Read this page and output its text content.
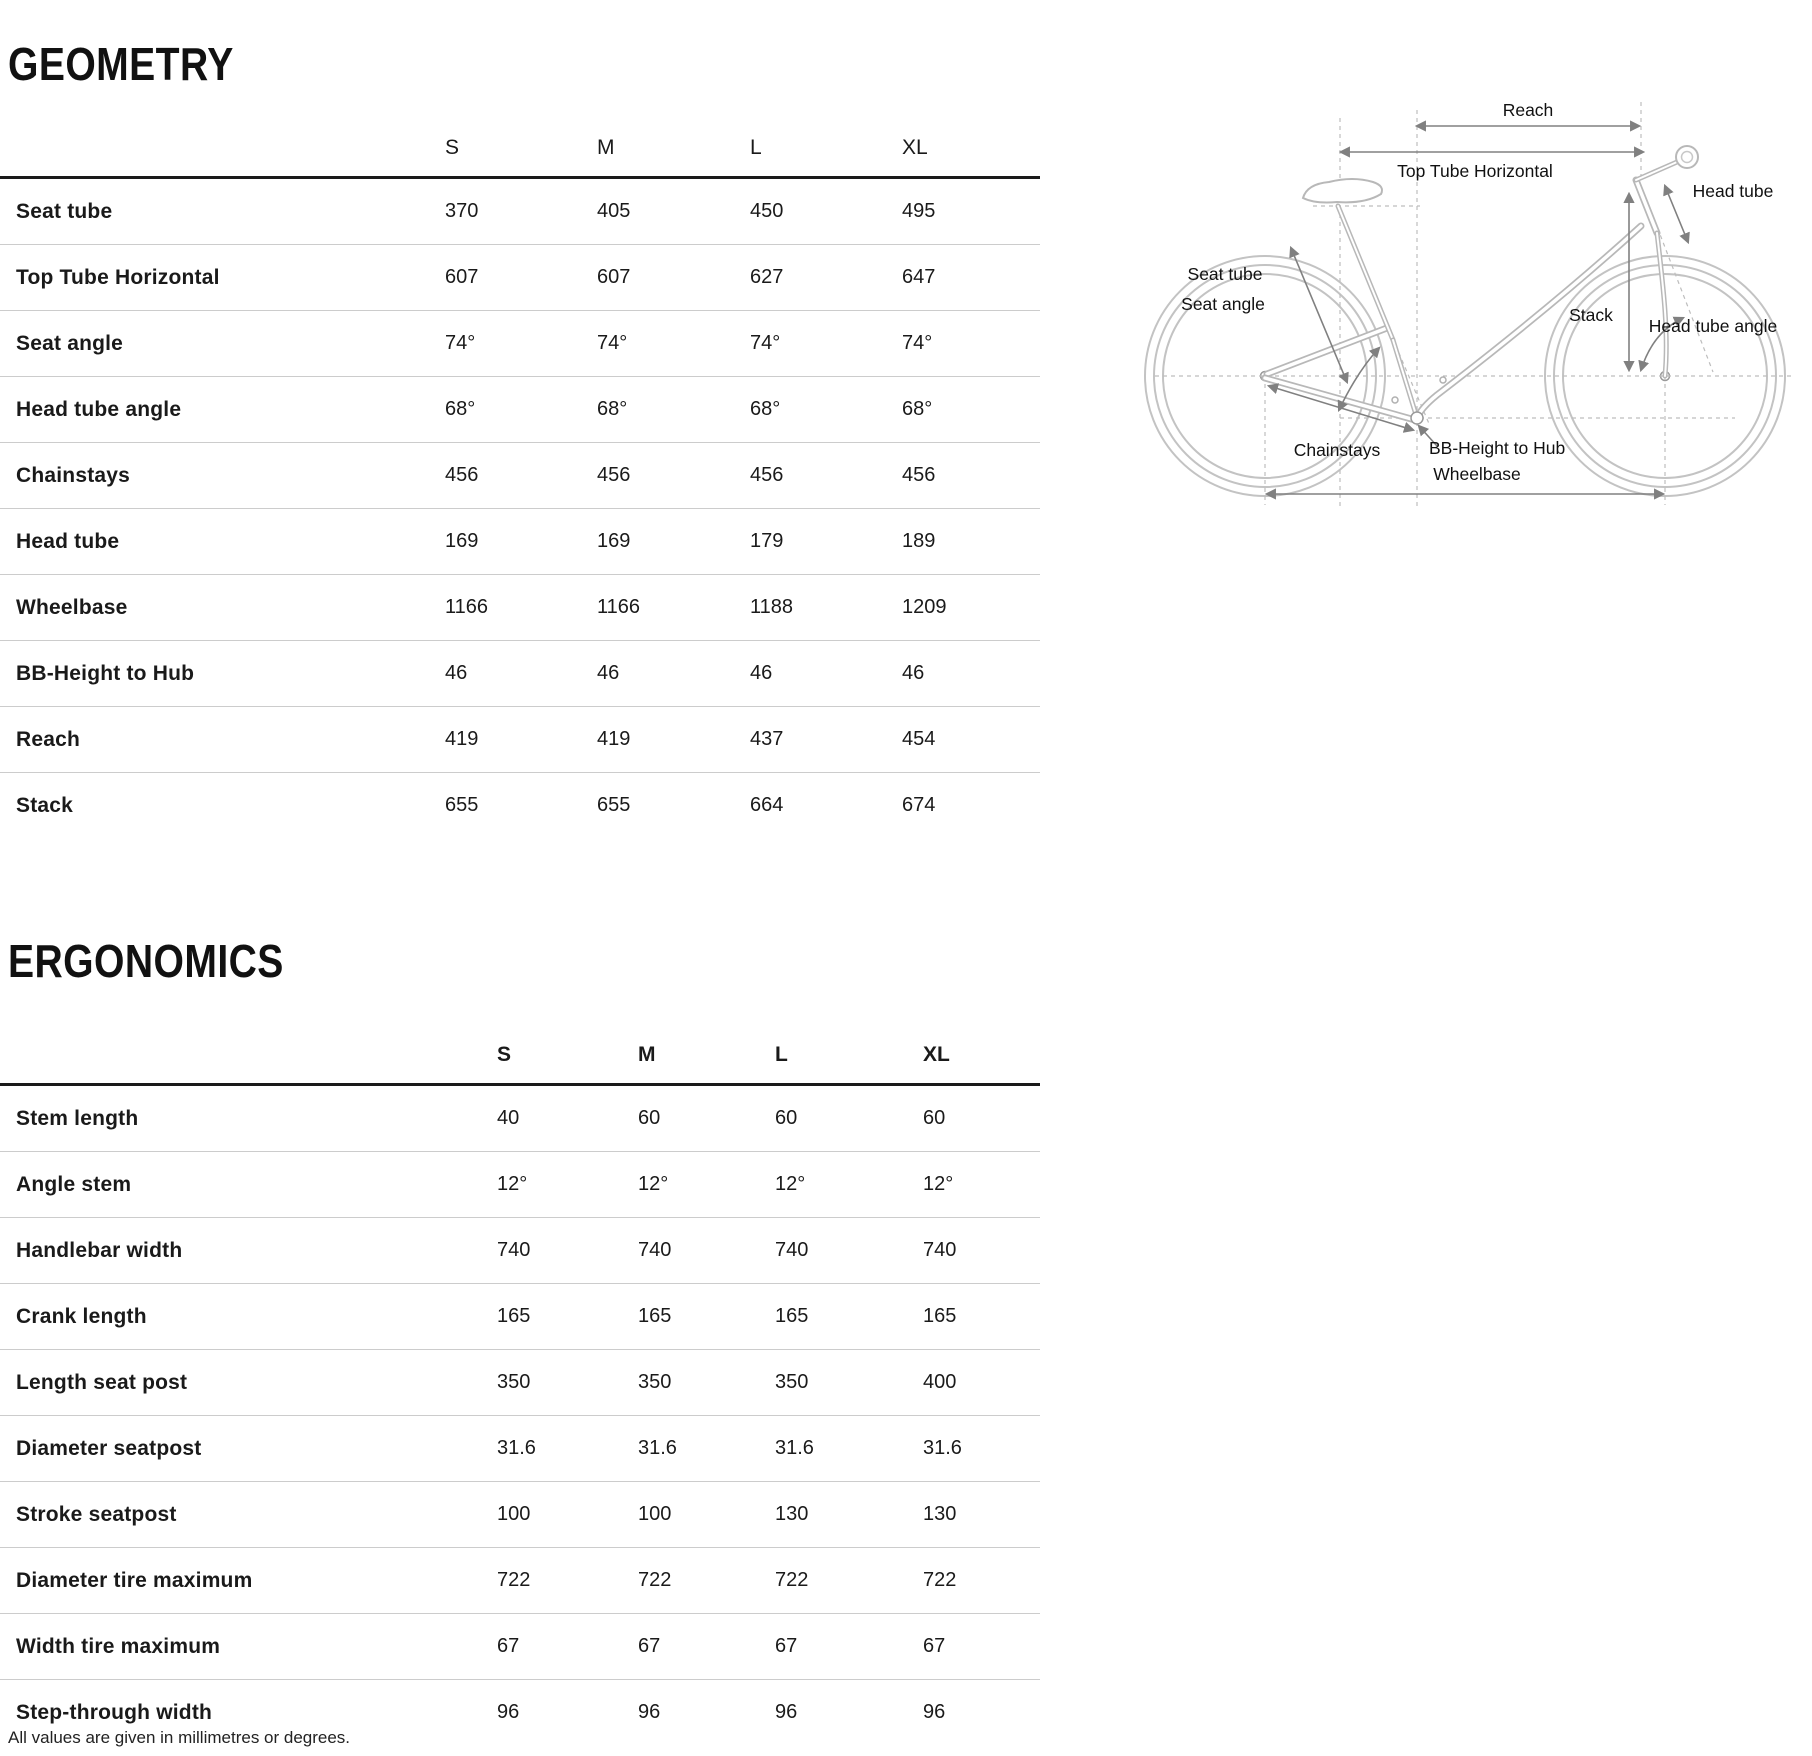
GEOMETRY
	S	M	L	XL
Seat tube	370	405	450	495
Top Tube Horizontal	607	607	627	647
Seat angle	74°	74°	74°	74°
Head tube angle	68°	68°	68°	68°
Chainstays	456	456	456	456
Head tube	169	169	179	189
Wheelbase	1166	1166	1188	1209
BB-Height to Hub	46	46	46	46
Reach	419	419	437	454
Stack	655	655	664	674
Reach
Top Tube Horizontal
Head tube
Seat tube
Seat angle
Stack
Head tube angle
BB-Height to Hub
Chainstays
Wheelbase
ERGONOMICS
	S	M	L	XL
Stem length	40	60	60	60
Angle stem	12°	12°	12°	12°
Handlebar width	740	740	740	740
Crank length	165	165	165	165
Length seat post	350	350	350	400
Diameter seatpost	31.6	31.6	31.6	31.6
Stroke seatpost	100	100	130	130
Diameter tire maximum	722	722	722	722
Width tire maximum	67	67	67	67
Step-through width	96	96	96	96
All values are given in millimetres or degrees.
